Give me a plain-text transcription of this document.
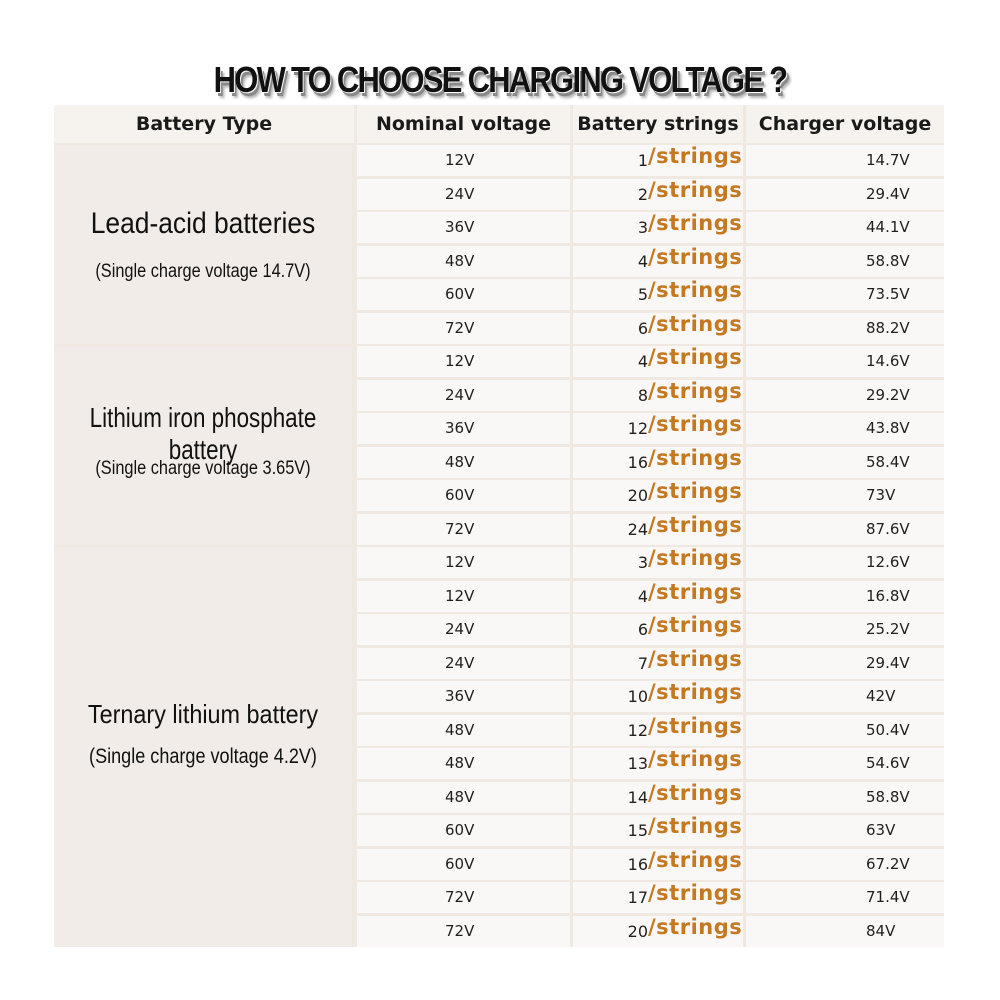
HOW TO CHOOSE CHARGING VOLTAGE ?
Battery Type	Nominal voltage	Battery strings	Charger voltage
Lead-acid batteries
(Single charge voltage 14.7V)
12V	1 /strings	14.7V
24V	2 /strings	29.4V
36V	3 /strings	44.1V
48V	4 /strings	58.8V
60V	5 /strings	73.5V
72V	6 /strings	88.2V
Lithium iron phosphate battery
(Single charge voltage 3.65V)
12V	4 /strings	14.6V
24V	8 /strings	29.2V
36V	12 /strings	43.8V
48V	16 /strings	58.4V
60V	20 /strings	73V
72V	24 /strings	87.6V
Ternary lithium battery
(Single charge voltage 4.2V)
12V	3 /strings	12.6V
12V	4 /strings	16.8V
24V	6 /strings	25.2V
24V	7 /strings	29.4V
36V	10 /strings	42V
48V	12 /strings	50.4V
48V	13 /strings	54.6V
48V	14 /strings	58.8V
60V	15 /strings	63V
60V	16 /strings	67.2V
72V	17 /strings	71.4V
72V	20 /strings	84V
